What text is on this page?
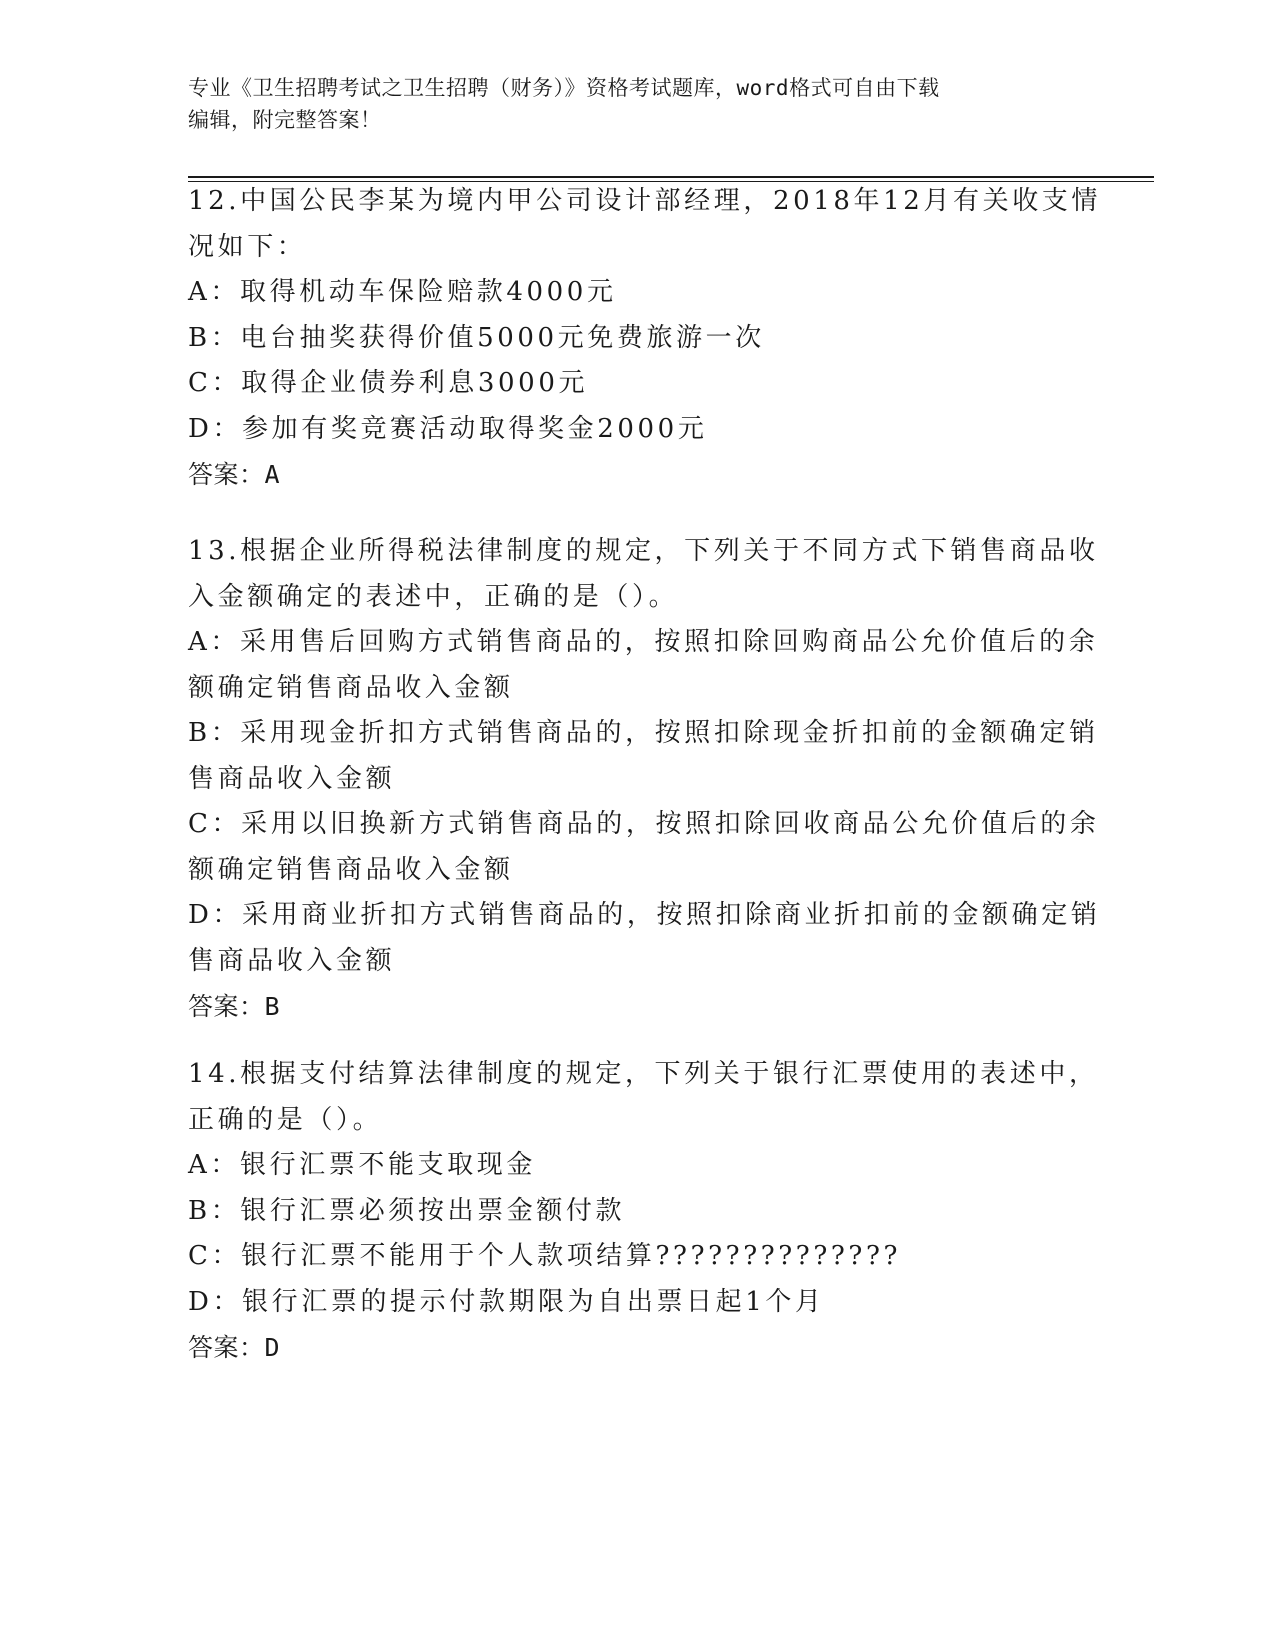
专业《卫生招聘考试之卫生招聘（财务）》资格考试题库，word格式可自由下载
编辑，附完整答案！
12.中国公民李某为境内甲公司设计部经理，2018年12月有关收支情
况如下：
A：取得机动车保险赔款4000元
B：电台抽奖获得价值5000元免费旅游一次
C：取得企业债券利息3000元
D：参加有奖竞赛活动取得奖金2000元
答案：A
13.根据企业所得税法律制度的规定，下列关于不同方式下销售商品收
入金额确定的表述中，正确的是（）。
A：采用售后回购方式销售商品的，按照扣除回购商品公允价值后的余
额确定销售商品收入金额
B：采用现金折扣方式销售商品的，按照扣除现金折扣前的金额确定销
售商品收入金额
C：采用以旧换新方式销售商品的，按照扣除回收商品公允价值后的余
额确定销售商品收入金额
D：采用商业折扣方式销售商品的，按照扣除商业折扣前的金额确定销
售商品收入金额
答案：B
14.根据支付结算法律制度的规定，下列关于银行汇票使用的表述中，
正确的是（）。
A：银行汇票不能支取现金
B：银行汇票必须按出票金额付款
C：银行汇票不能用于个人款项结算??????????????
D：银行汇票的提示付款期限为自出票日起1个月
答案：D
